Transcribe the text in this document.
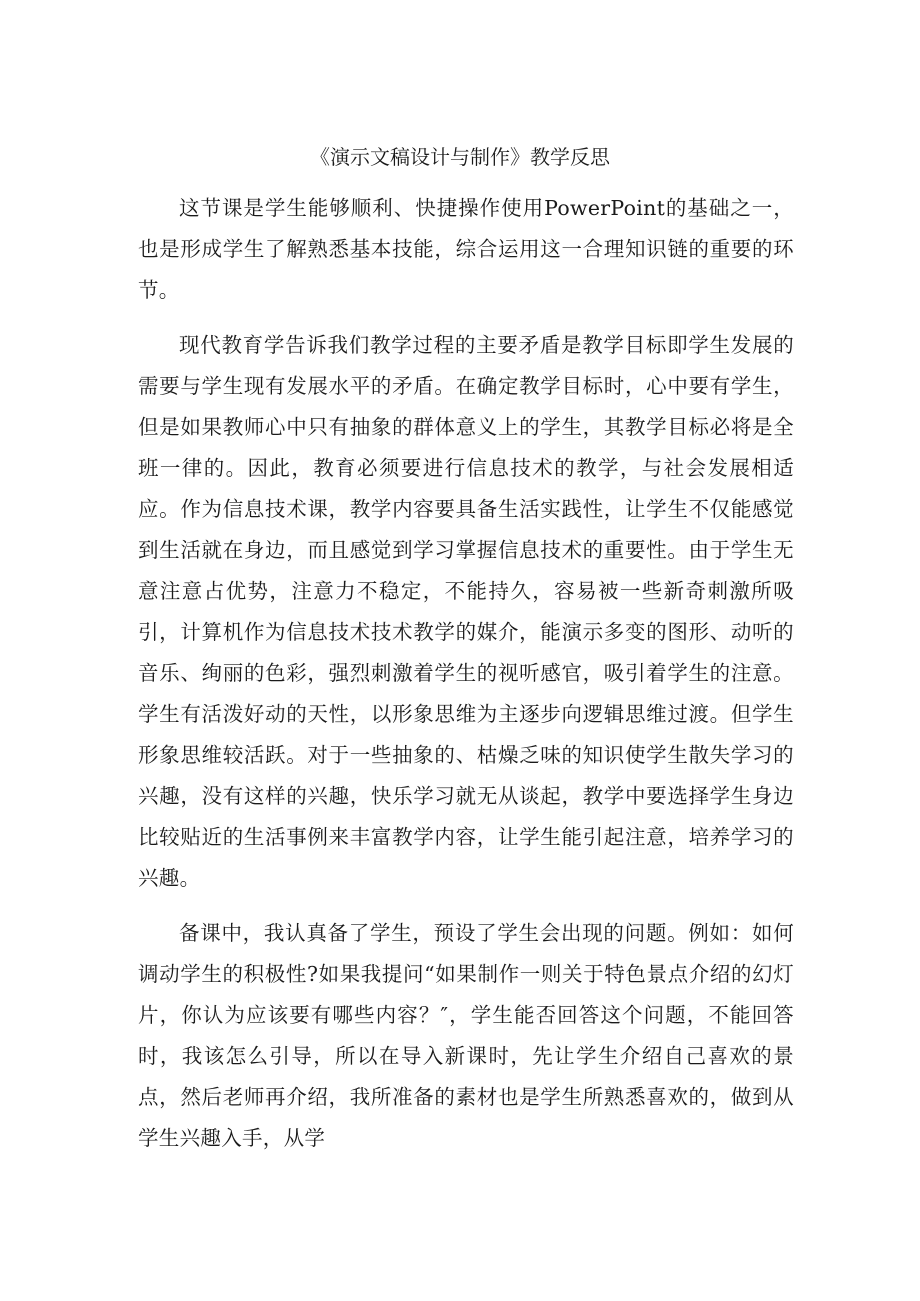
《演示文稿设计与制作》教学反思

这节课是学生能够顺利、快捷操作使用PowerPoint的基础之一，也是形成学生了解熟悉基本技能，综合运用这一合理知识链的重要的环节。

现代教育学告诉我们教学过程的主要矛盾是教学目标即学生发展的需要与学生现有发展水平的矛盾。在确定教学目标时，心中要有学生，但是如果教师心中只有抽象的群体意义上的学生，其教学目标必将是全班一律的。因此，教育必须要进行信息技术的教学，与社会发展相适应。作为信息技术课，教学内容要具备生活实践性，让学生不仅能感觉到生活就在身边，而且感觉到学习掌握信息技术的重要性。由于学生无意注意占优势，注意力不稳定，不能持久，容易被一些新奇刺激所吸引，计算机作为信息技术技术教学的媒介，能演示多变的图形、动听的音乐、绚丽的色彩，强烈刺激着学生的视听感官，吸引着学生的注意。学生有活泼好动的天性，以形象思维为主逐步向逻辑思维过渡。但学生形象思维较活跃。对于一些抽象的、枯燥乏味的知识使学生散失学习的兴趣，没有这样的兴趣，快乐学习就无从谈起，教学中要选择学生身边比较贴近的生活事例来丰富教学内容，让学生能引起注意，培养学习的兴趣。

备课中，我认真备了学生，预设了学生会出现的问题。例如：如何调动学生的积极性?如果我提问“如果制作一则关于特色景点介绍的幻灯片，你认为应该要有哪些内容？″，学生能否回答这个问题，不能回答时，我该怎么引导，所以在导入新课时，先让学生介绍自己喜欢的景点，然后老师再介绍，我所准备的素材也是学生所熟悉喜欢的，做到从学生兴趣入手，从学
